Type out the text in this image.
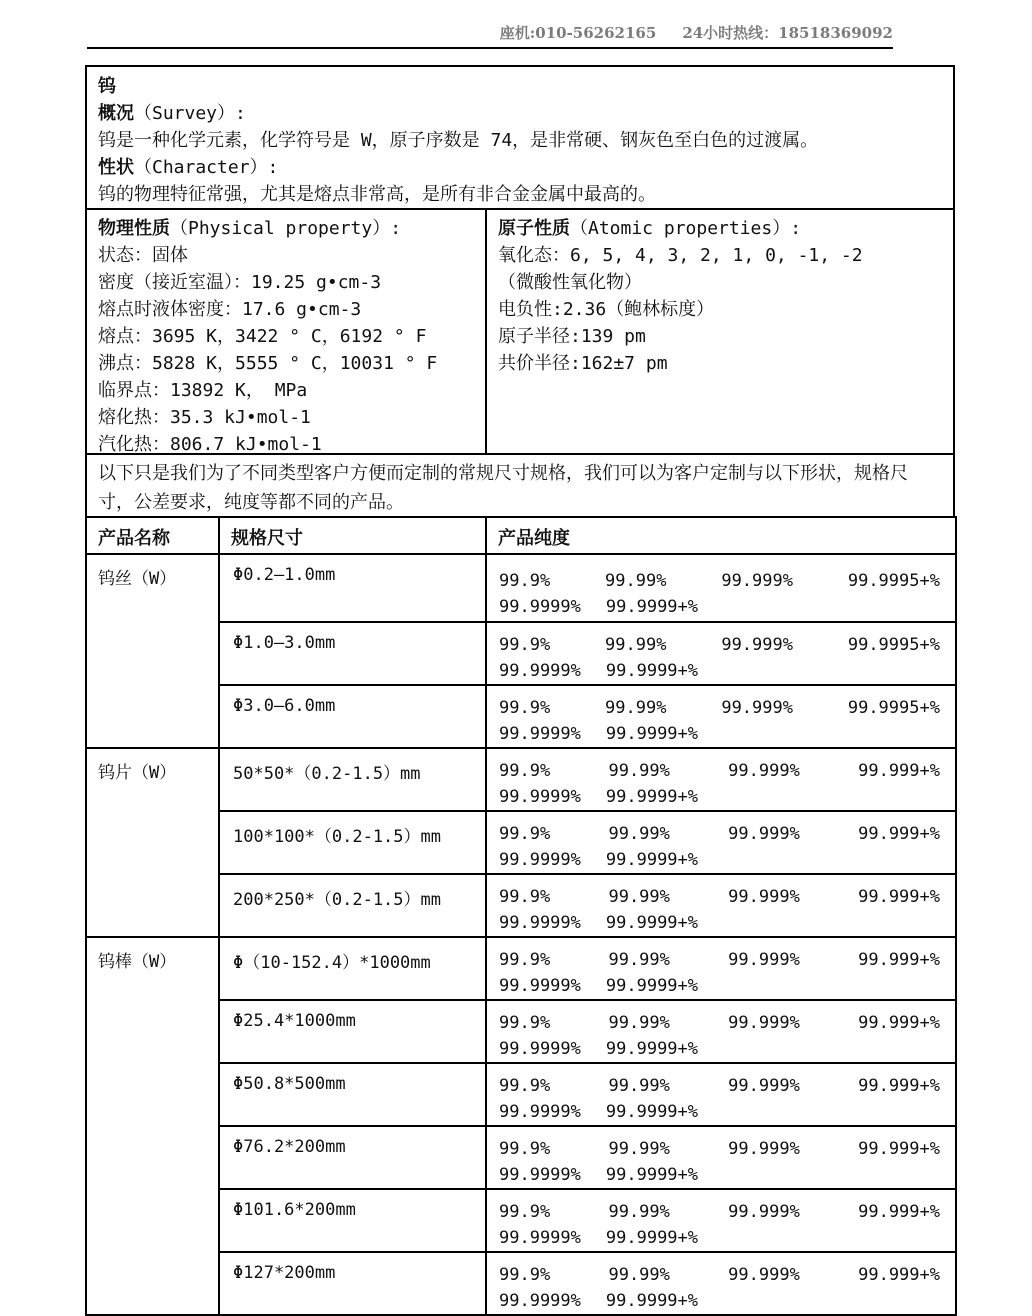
座机:010-56262165 24小时热线：18518369092
钨
概况（Survey）:
钨是一种化学元素，化学符号是 W，原子序数是 74，是非常硬、钢灰色至白色的过渡属。
性状（Character）:
钨的物理特征常强，尤其是熔点非常高，是所有非合金金属中最高的。
物理性质（Physical property）:
状态：固体
密度（接近室温）：19.25 g•cm-3
熔点时液体密度：17.6 g•cm-3
熔点：3695 K，3422 ° C，6192 ° F
沸点：5828 K，5555 ° C，10031 ° F
临界点：13892 K， MPa
熔化热：35.3 kJ•mol-1
汽化热：806.7 kJ•mol-1
原子性质（Atomic properties）:
氧化态：6, 5, 4, 3, 2, 1, 0, -1, -2
（微酸性氧化物）
电负性:2.36（鲍林标度）
原子半径:139 pm
共价半径:162±7 pm
以下只是我们为了不同类型客户方便而定制的常规尺寸规格，我们可以为客户定制与以下形状，规格尺寸，公差要求，纯度等都不同的产品。
产品名称	规格尺寸	产品纯度
钨丝（W）	Φ0.2—1.0mm	99.9%	99.99%	99.999%	99.9995+%
99.9999% 99.9999+%

Φ1.0—3.0mm	99.9%	99.99%	99.999%	99.9995+%
99.9999% 99.9999+%

Φ3.0—6.0mm	99.9%	99.99%	99.999%	99.9995+%
99.9999% 99.9999+%

钨片（W）	50*50*（0.2-1.5）mm	99.9%	99.99%	99.999%	99.999+%
99.9999% 99.9999+%

100*100*（0.2-1.5）mm	99.9%	99.99%	99.999%	99.999+%
99.9999% 99.9999+%

200*250*（0.2-1.5）mm	99.9%	99.99%	99.999%	99.999+%
99.9999% 99.9999+%

钨棒（W）	Φ（10-152.4）*1000mm	99.9%	99.99%	99.999%	99.999+%
99.9999% 99.9999+%

Φ25.4*1000mm	99.9%	99.99%	99.999%	99.999+%
99.9999% 99.9999+%

Φ50.8*500mm	99.9%	99.99%	99.999%	99.999+%
99.9999% 99.9999+%

Φ76.2*200mm	99.9%	99.99%	99.999%	99.999+%
99.9999% 99.9999+%

Φ101.6*200mm	99.9%	99.99%	99.999%	99.999+%
99.9999% 99.9999+%

Φ127*200mm	99.9%	99.99%	99.999%	99.999+%
99.9999% 99.9999+%
